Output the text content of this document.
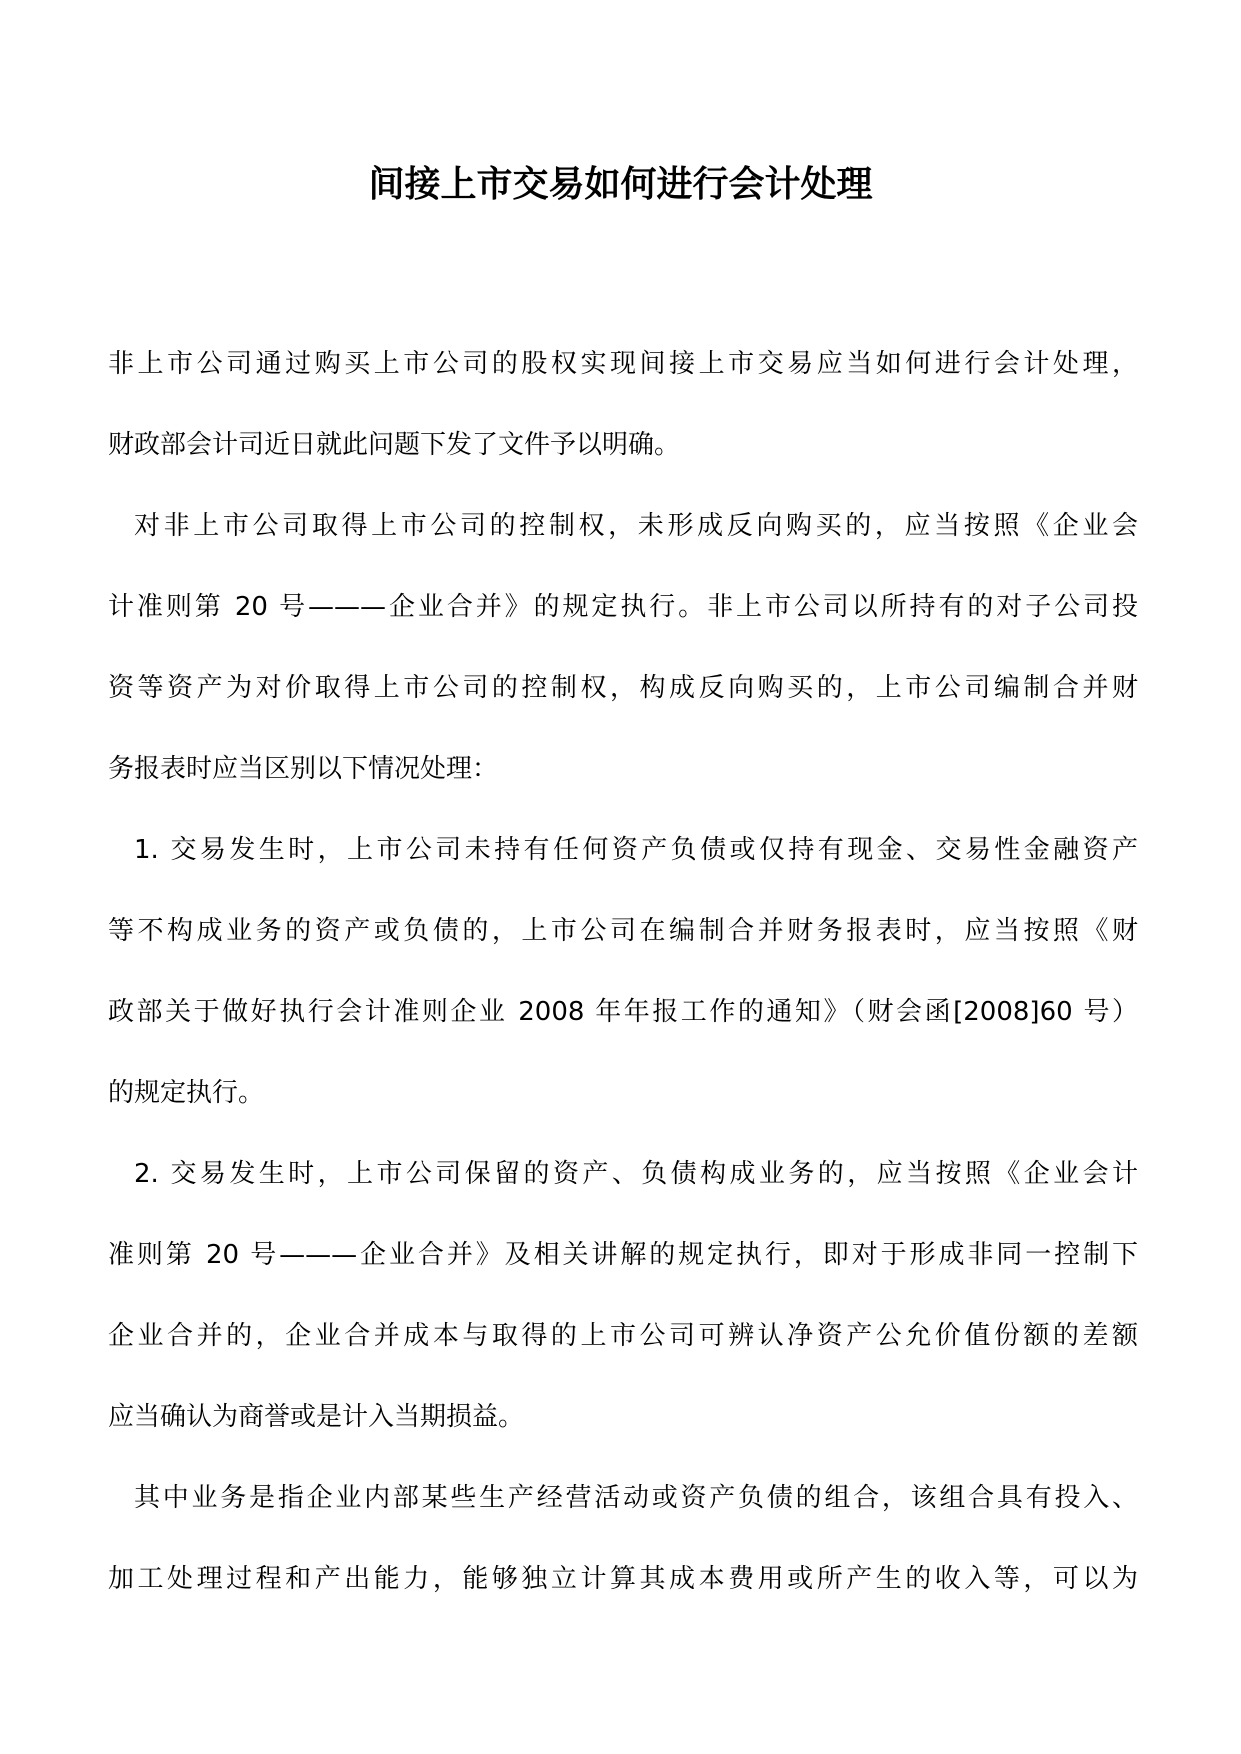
间接上市交易如何进行会计处理
非上市公司通过购买上市公司的股权实现间接上市交易应当如何进行会计处理，
财政部会计司近日就此问题下发了文件予以明确。
对非上市公司取得上市公司的控制权，未形成反向购买的，应当按照《企业会
计准则第 20 号———企业合并》的规定执行。非上市公司以所持有的对子公司投
资等资产为对价取得上市公司的控制权，构成反向购买的，上市公司编制合并财
务报表时应当区别以下情况处理：
1. 交易发生时，上市公司未持有任何资产负债或仅持有现金、交易性金融资产
等不构成业务的资产或负债的，上市公司在编制合并财务报表时，应当按照《财
政部关于做好执行会计准则企业 2008 年年报工作的通知》（财会函[2008]60 号）
的规定执行。
2. 交易发生时，上市公司保留的资产、负债构成业务的，应当按照《企业会计
准则第 20 号———企业合并》及相关讲解的规定执行，即对于形成非同一控制下
企业合并的，企业合并成本与取得的上市公司可辨认净资产公允价值份额的差额
应当确认为商誉或是计入当期损益。
其中业务是指企业内部某些生产经营活动或资产负债的组合，该组合具有投入、
加工处理过程和产出能力，能够独立计算其成本费用或所产生的收入等，可以为
